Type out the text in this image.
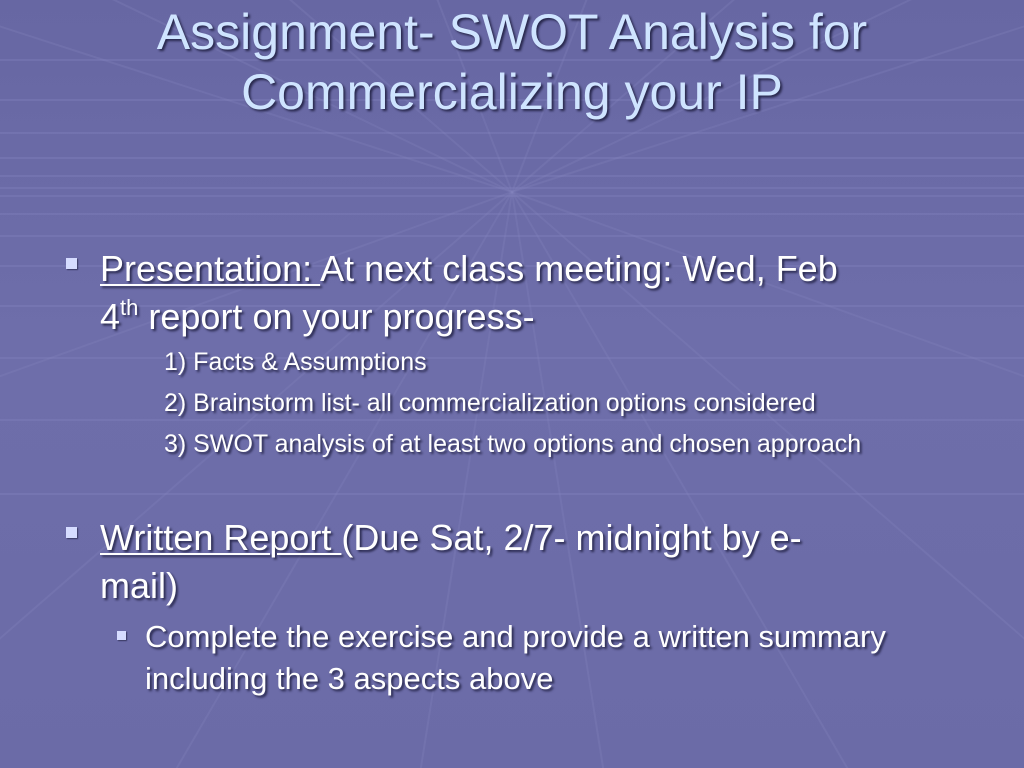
Assignment- SWOT Analysis for
Commercializing your IP
Presentation: At next class meeting: Wed, Feb
4th report on your progress-
1) Facts & Assumptions
2) Brainstorm list- all commercialization options considered
3) SWOT analysis of at least two options and chosen approach
Written Report (Due Sat, 2/7- midnight by e-
mail)
Complete the exercise and provide a written summary
including the 3 aspects above
